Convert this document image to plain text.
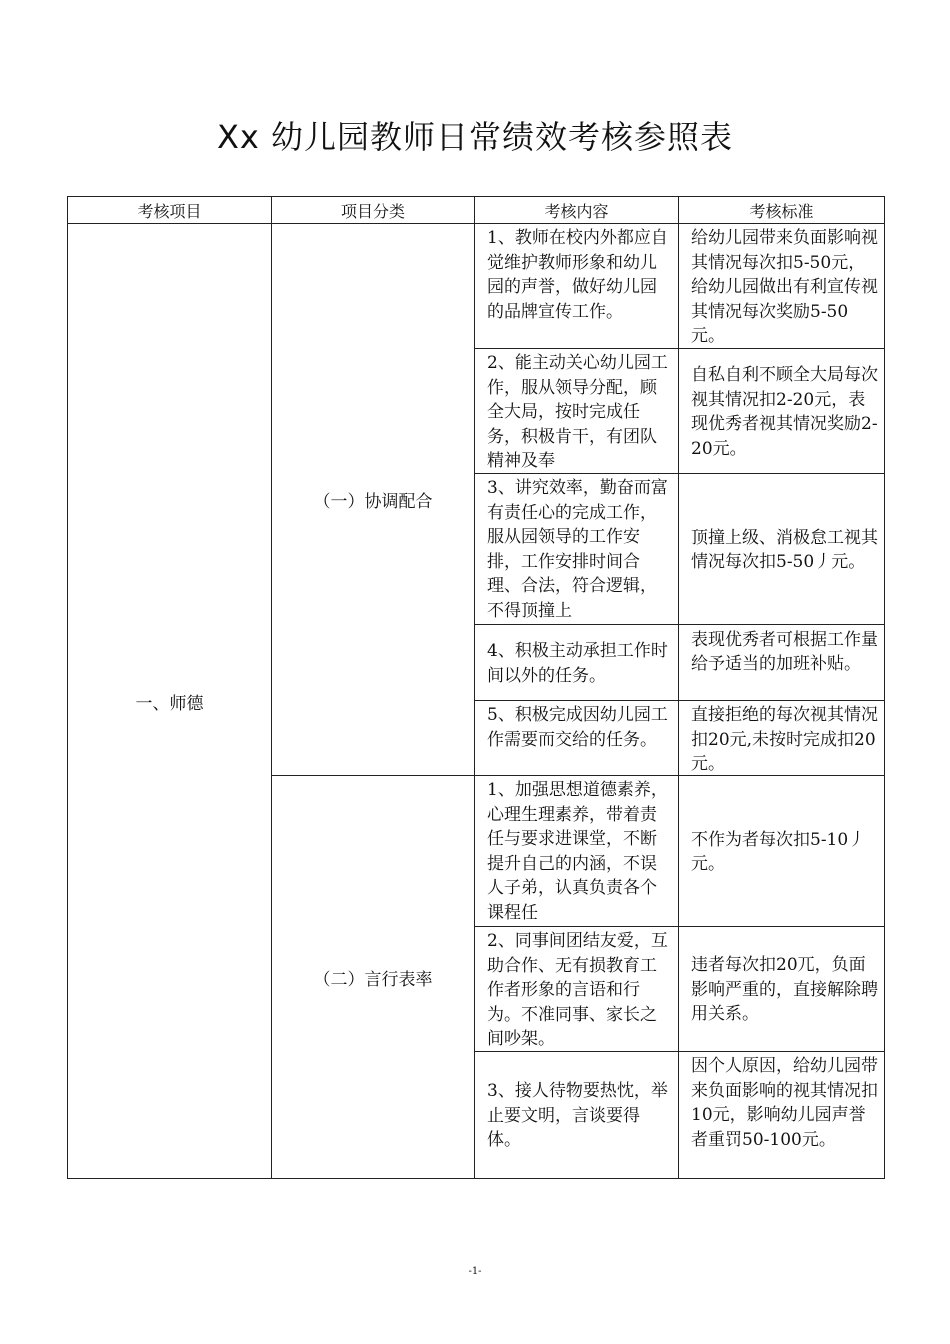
Xx 幼儿园教师日常绩效考核参照表
考核项目	项目分类	考核内容	考核标准
一、师德	（一）协调配合	1、教师在校内外都应自觉维护教师形象和幼儿园的声誉，做好幼儿园的品牌宣传工作。	给幼儿园带来负面影响视其情况每次扣5-50元，给幼儿园做出有利宣传视其情况每次奖励5-50元。

		2、能主动关心幼儿园工作，服从领导分配，顾全大局，按时完成任务，积极肯干，有团队精神及奉	自私自利不顾全大局每次视其情况扣2-20元，表现优秀者视其情况奖励2-20元。

		3、讲究效率，勤奋而富有责任心的完成工作，服从园领导的工作安排，工作安排时间合理、合法，符合逻辑，不得顶撞上	顶撞上级、消极怠工视其情况每次扣5-50丿元。

		4、积极主动承担工作时间以外的任务。	表现优秀者可根据工作量给予适当的加班补贴。

		5、积极完成因幼儿园工作需要而交给的任务。	直接拒绝的每次视其情况扣20元,未按时完成扣20元。

	（二）言行表率	1、加强思想道德素养，心理生理素养，带着责任与要求进课堂，不断提升自己的内涵，不误人子弟，认真负责各个课程任	不作为者每次扣5-10丿元。

		2、同事间团结友爱，互助合作、无有损教育工作者形象的言语和行为。不准同事、家长之间吵架。	违者每次扣20兀，负面影响严重的，直接解除聘用关系。

		3、接人待物要热忱，举止要文明，言谈要得体。	因个人原因，给幼儿园带来负面影响的视其情况扣10元，影响幼儿园声誉者重罚50-100元。
-1-
